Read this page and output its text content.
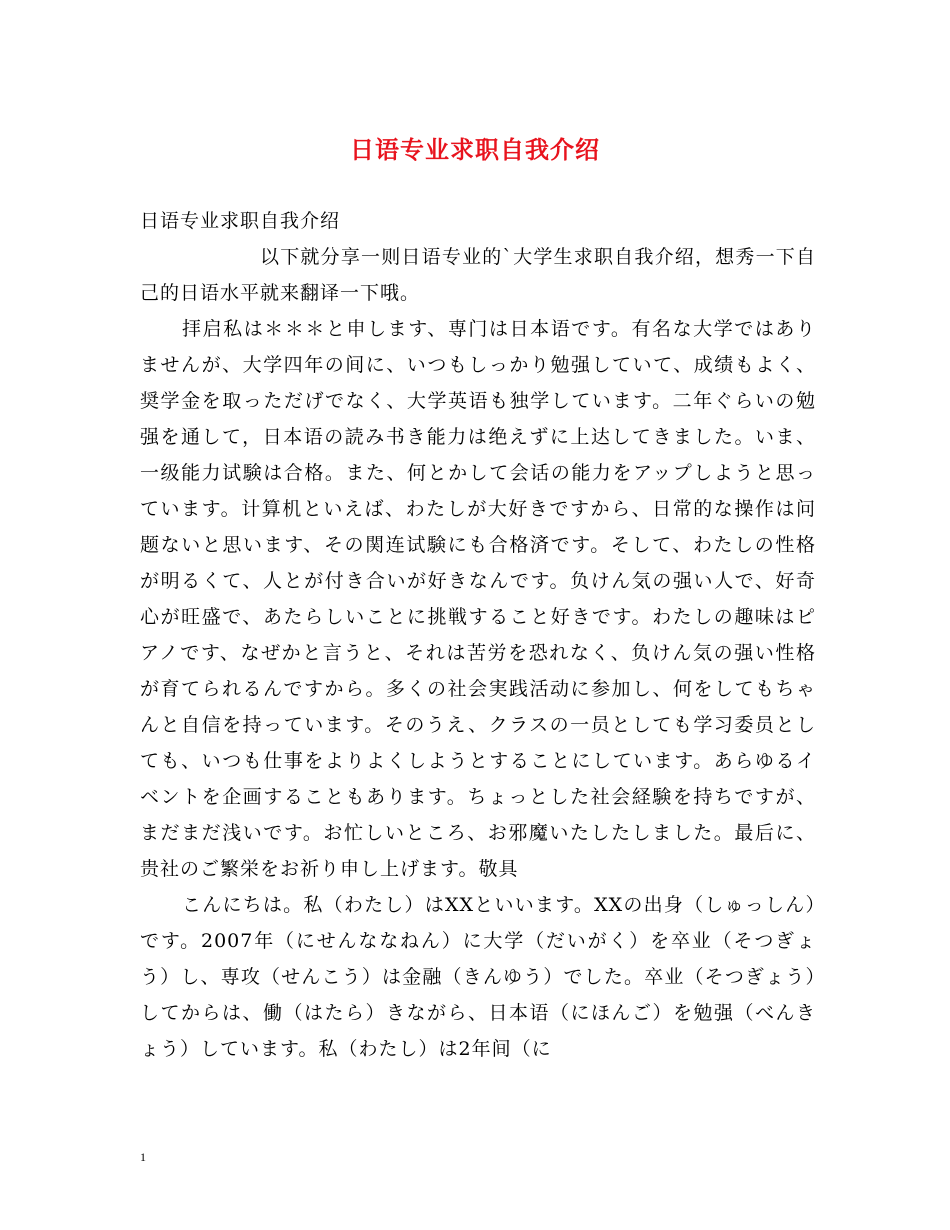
日语专业求职自我介绍

日语专业求职自我介绍

以下就分享一则日语专业的`大学生求职自我介绍，想秀一下自己的日语水平就来翻译一下哦。

拝启私は＊＊＊と申します、専门は日本语です。有名な大学ではありませんが、大学四年の间に、いつもしっかり勉强していて、成绩もよく、奨学金を取っただげでなく、大学英语も独学しています。二年ぐらいの勉强を通して，日本语の読み书き能力は绝えずに上达してきました。いま、一级能力试験は合格。また、何とかして会话の能力をアップしようと思っています。计算机といえば、わたしが大好きですから、日常的な操作は问题ないと思います、その関连试験にも合格済です。そして、わたしの性格が明るくて、人とが付き合いが好きなんです。负けん気の强い人で、好奇心が旺盛で、あたらしいことに挑戦すること好きです。わたしの趣味はピアノです、なぜかと言うと、それは苦労を恐れなく、负けん気の强い性格が育てられるんですから。多くの社会実践活动に参加し、何をしてもちゃんと自信を持っています。そのうえ、クラスの一员としても学习委员としても、いつも仕事をよりよくしようとすることにしています。あらゆるイベントを企画することもあります。ちょっとした社会経験を持ちですが、まだまだ浅いです。お忙しいところ、お邪魔いたしたしました。最后に、贵社のご繁栄をお祈り申し上げます。敬具

こんにちは。私（わたし）はXXといいます。XXの出身（しゅっしん）です。2007年（にせんななねん）に大学（だいがく）を卒业（そつぎょう）し、専攻（せんこう）は金融（きんゆう）でした。卒业（そつぎょう）してからは、働（はたら）きながら、日本语（にほんご）を勉强（べんきょう）しています。私（わたし）は2年间（に

1
